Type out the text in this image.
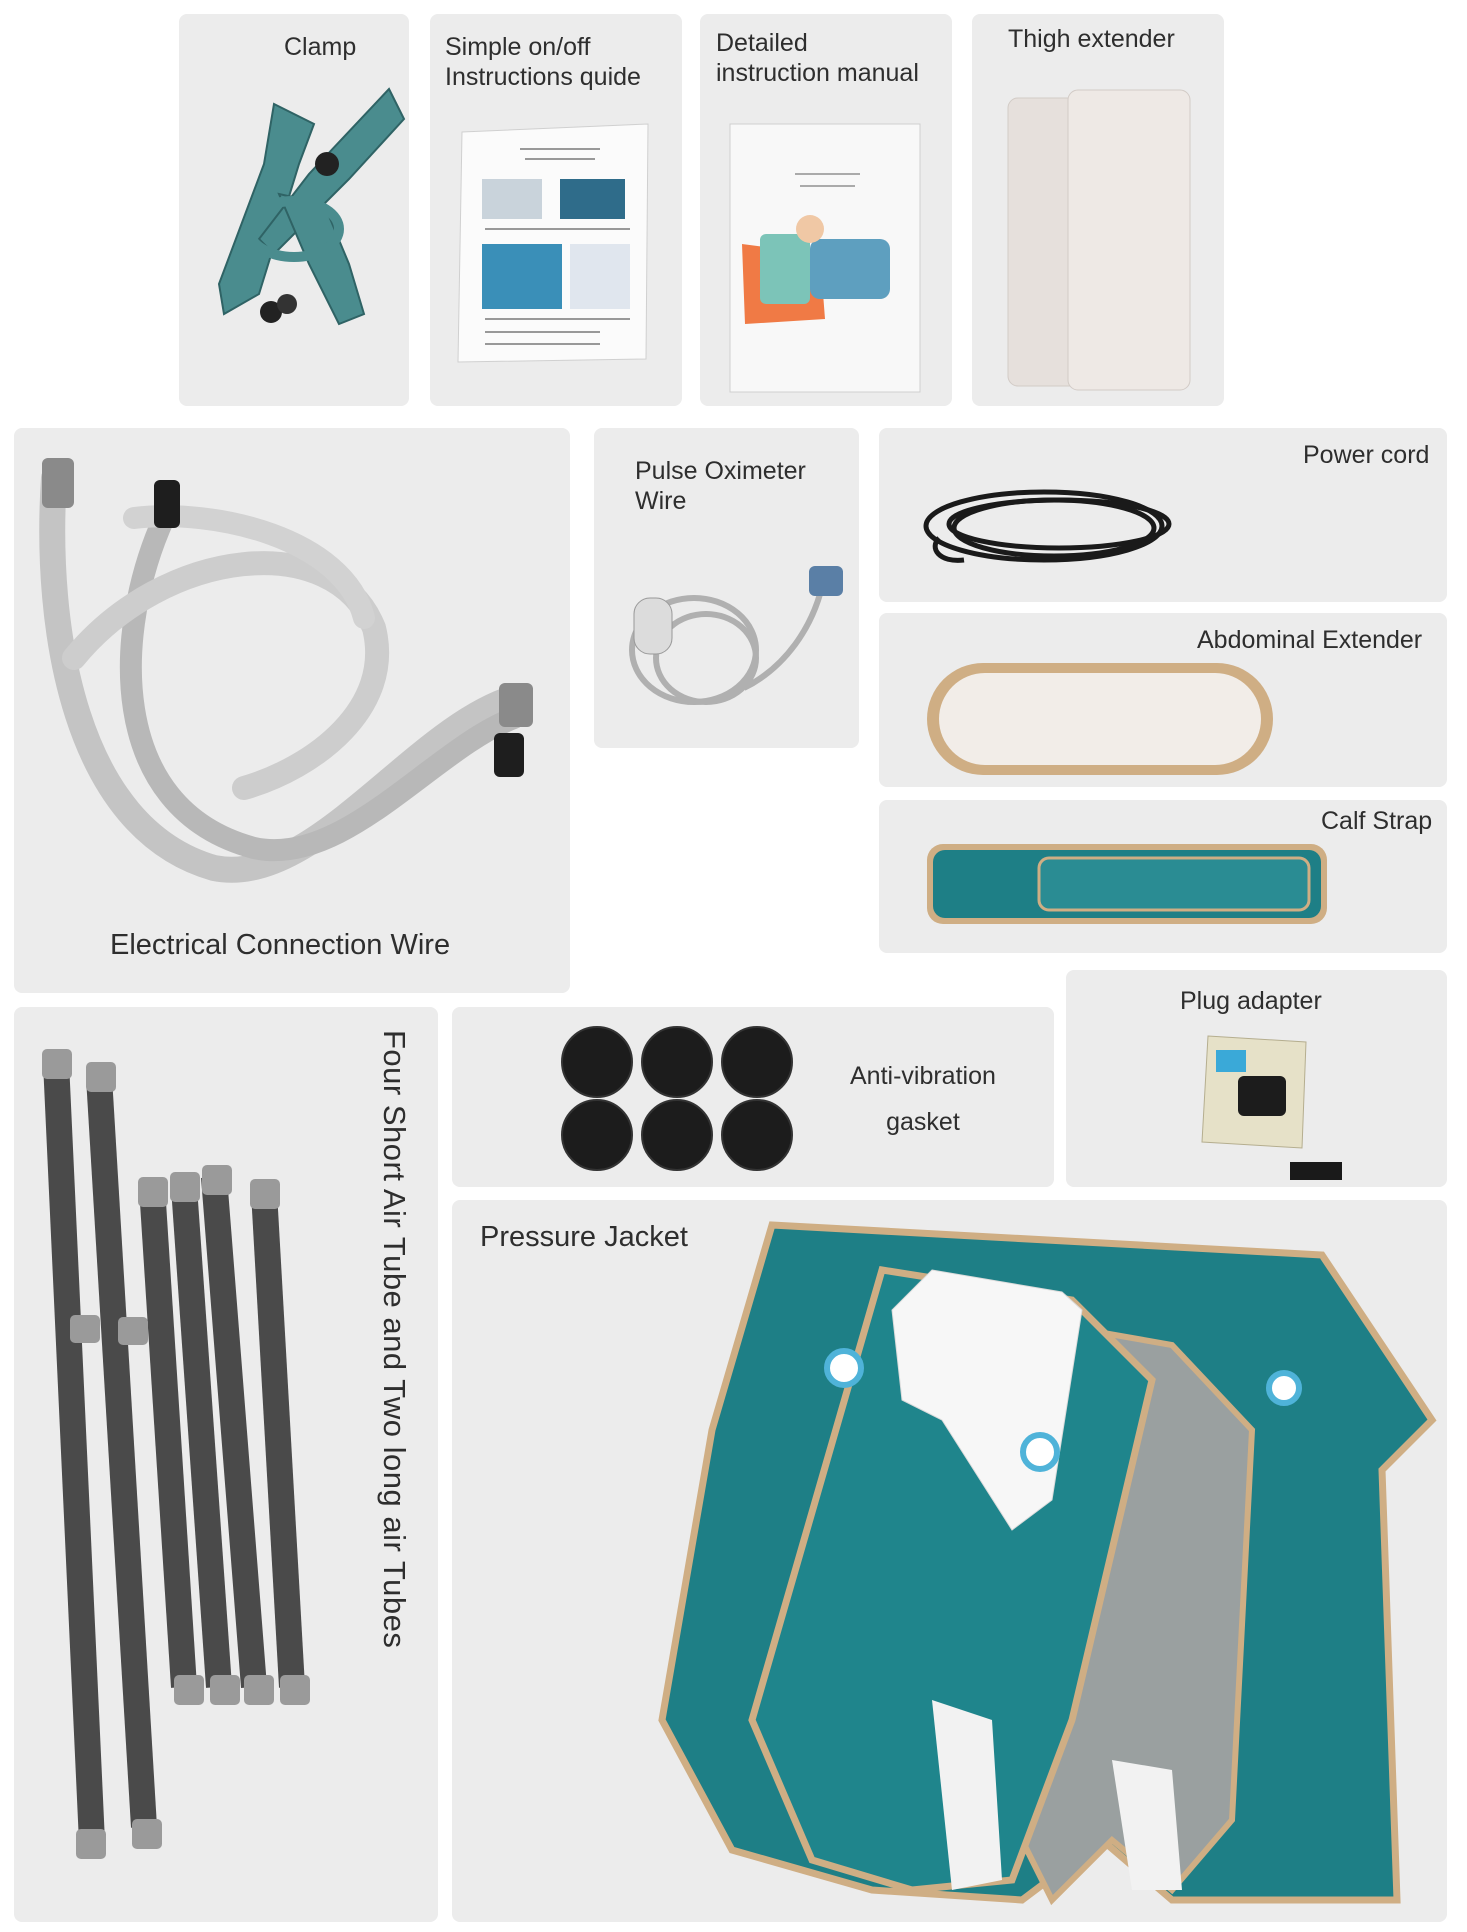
Clamp	Simple on/off
Instructions quide
Detailed
instruction manual
Thigh extender
Electrical Connection Wire
Pulse Oximeter
Wire
Power cord
Abdominal Extender
Calf Strap
Four Short Air Tube and Two long air Tubes	Anti-vibration
gasket
Plug adapter
Pressure Jacket
